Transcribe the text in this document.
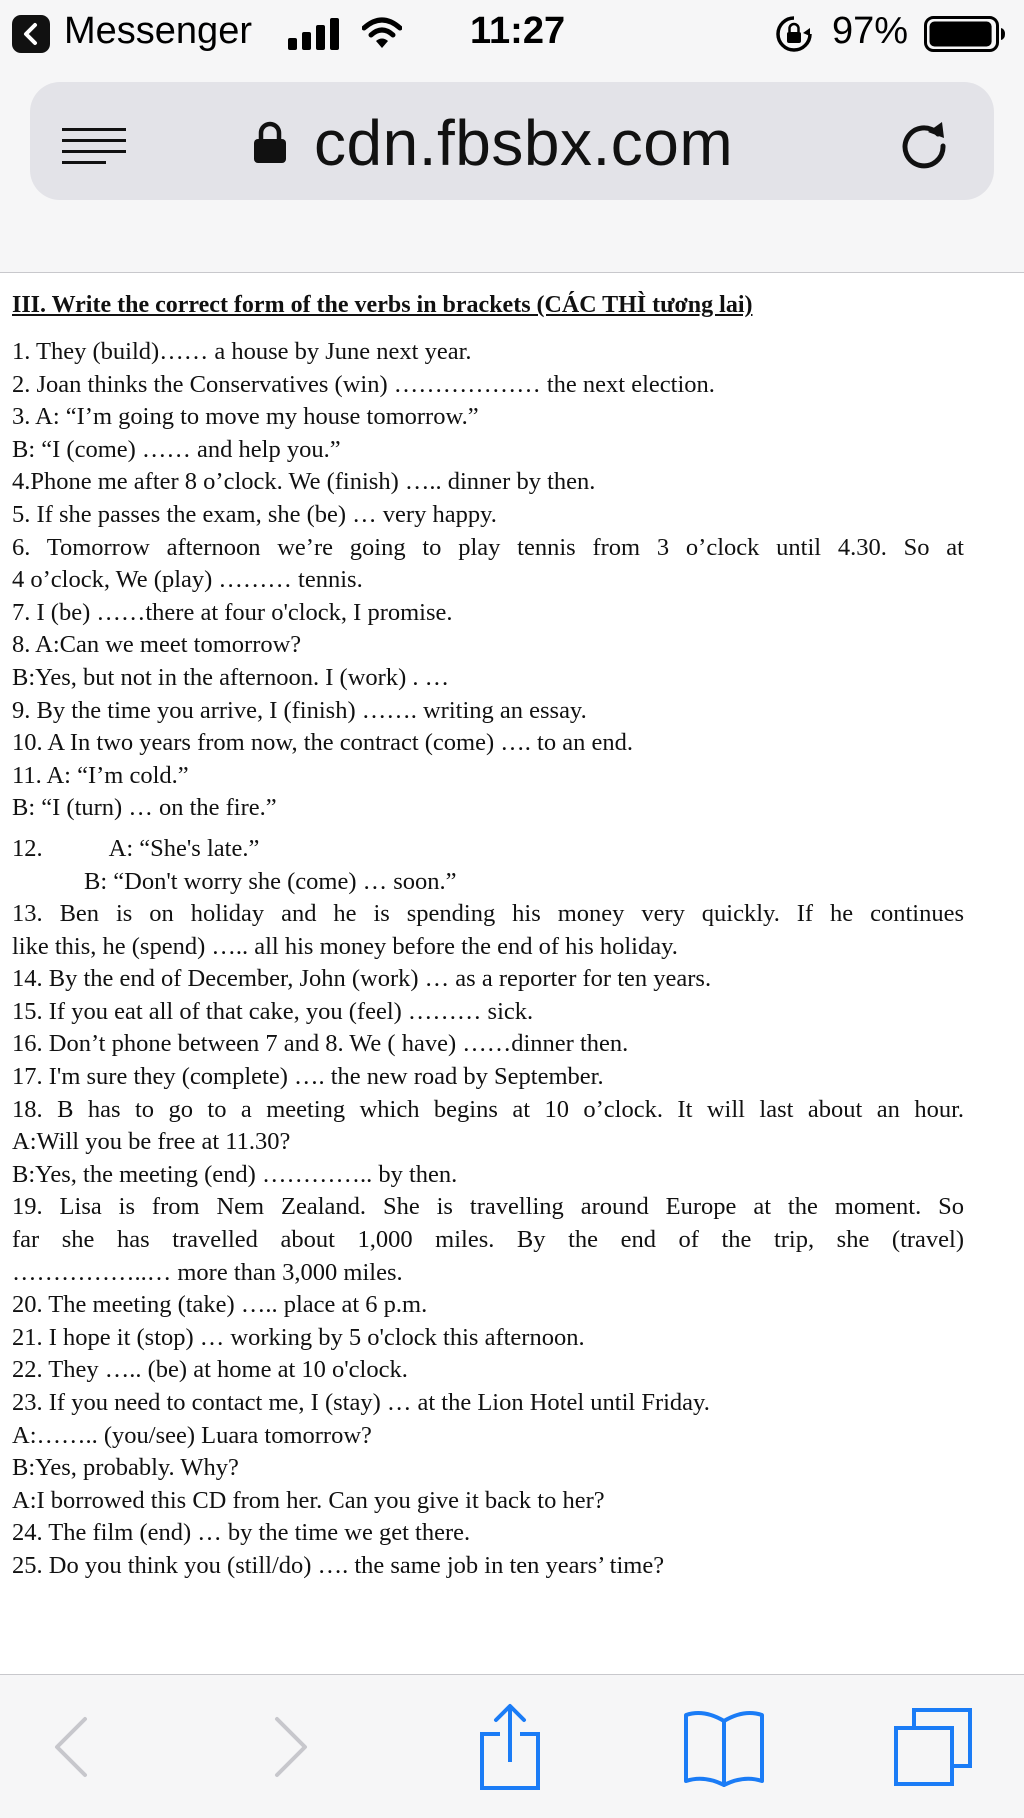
Messenger	11:27	97%
cdn.fbsbx.com
III. Write the correct form of the verbs in brackets (CÁC THÌ tương lai)
1. They (build)…… a house by June next year.
2. Joan thinks the Conservatives (win) ……………… the next election.
3. A: “I’m going to move my house tomorrow.”
B: “I (come) …… and help you.”
4.Phone me after 8 o’clock. We (finish) ….. dinner by then.
5. If she passes the exam, she (be) … very happy.
6. Tomorrow afternoon we’re going to play tennis from 3 o’clock until 4.30. So at
4 o’clock, We (play) ……… tennis.
7. I (be) ……there at four o'clock, I promise.
8. A:Can we meet tomorrow?
B:Yes, but not in the afternoon. I (work) . …
9. By the time you arrive, I (finish) ……. writing an essay.
10. A In two years from now, the contract (come) …. to an end.
11. A: “I’m cold.”
B: “I (turn) … on the fire.”
12.           A: “She's late.”
B: “Don't worry she (come) … soon.”
13. Ben is on holiday and he is spending his money very quickly. If he continues
like this, he (spend) ….. all his money before the end of his holiday.
14. By the end of December, John (work) … as a reporter for ten years.
15. If you eat all of that cake, you (feel) ……… sick.
16. Don’t phone between 7 and 8. We ( have) ……dinner then.
17. I'm sure they (complete) …. the new road by September.
18. B has to go to a meeting which begins at 10 o’clock. It will last about an hour.
A:Will you be free at 11.30?
B:Yes, the meeting (end) ………….. by then.
19. Lisa is from Nem Zealand. She is travelling around Europe at the moment. So
far she has travelled about 1,000 miles. By the end of the trip, she (travel)
……………..… more than 3,000 miles.
20. The meeting (take) ….. place at 6 p.m.
21. I hope it (stop) … working by 5 o'clock this afternoon.
22. They ….. (be) at home at 10 o'clock.
23. If you need to contact me, I (stay) … at the Lion Hotel until Friday.
A:…….. (you/see) Luara tomorrow?
B:Yes, probably. Why?
A:I borrowed this CD from her. Can you give it back to her?
24. The film (end) … by the time we get there.
25. Do you think you (still/do) …. the same job in ten years’ time?
